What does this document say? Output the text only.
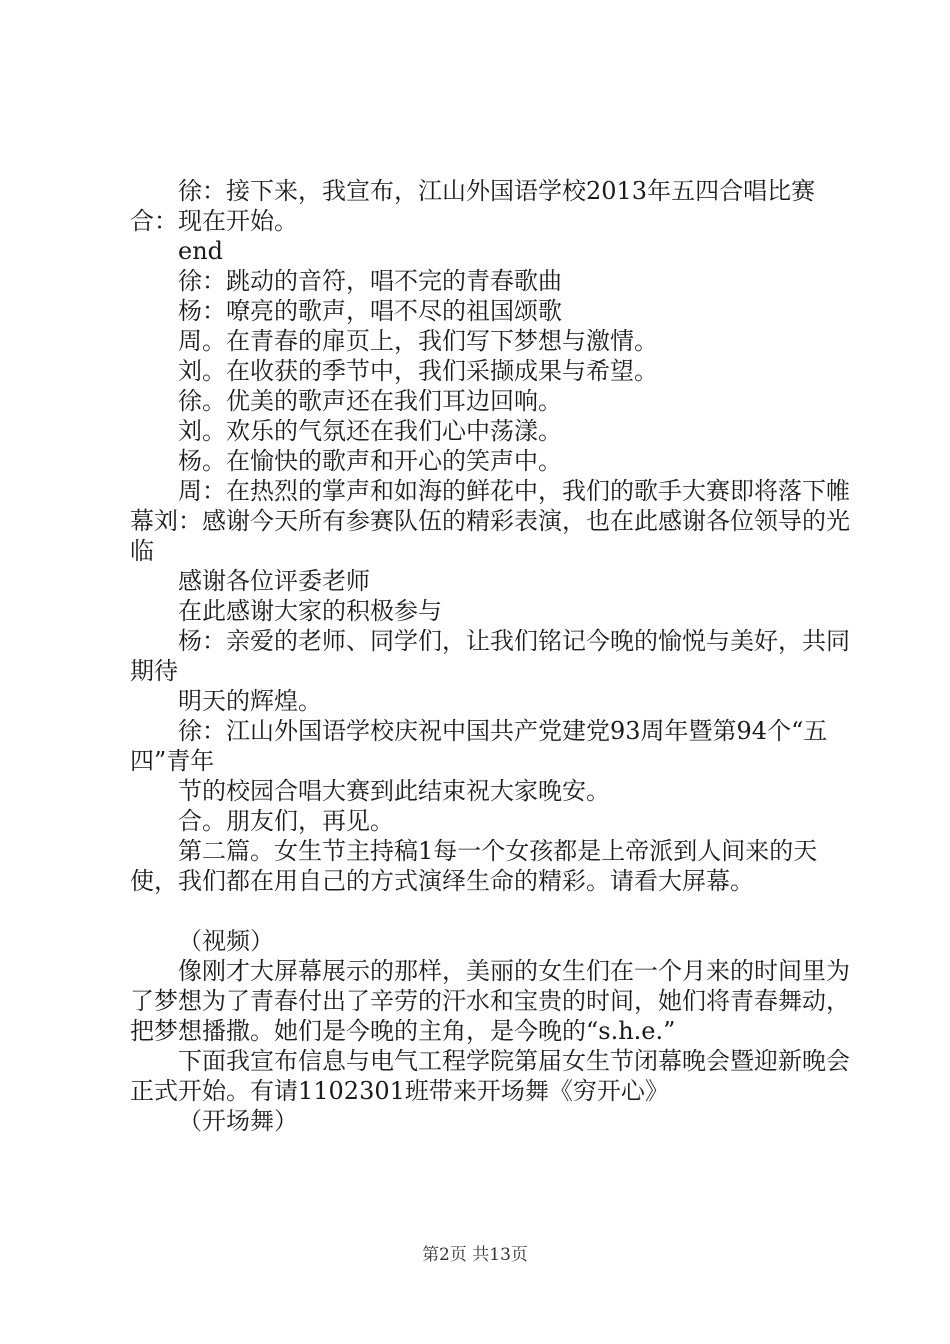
徐：接下来，我宣布，江山外国语学校2013年五四合唱比赛合：现在开始。

end

徐：跳动的音符，唱不完的青春歌曲

杨：嘹亮的歌声，唱不尽的祖国颂歌

周。在青春的扉页上，我们写下梦想与激情。

刘。在收获的季节中，我们采撷成果与希望。

徐。优美的歌声还在我们耳边回响。

刘。欢乐的气氛还在我们心中荡漾。

杨。在愉快的歌声和开心的笑声中。

周：在热烈的掌声和如海的鲜花中，我们的歌手大赛即将落下帷幕刘：感谢今天所有参赛队伍的精彩表演，也在此感谢各位领导的光临

感谢各位评委老师

在此感谢大家的积极参与

杨：亲爱的老师、同学们，让我们铭记今晚的愉悦与美好，共同期待

明天的辉煌。

徐：江山外国语学校庆祝中国共产党建党93周年暨第94个“五四”青年

节的校园合唱大赛到此结束祝大家晚安。

合。朋友们，再见。

第二篇。女生节主持稿1每一个女孩都是上帝派到人间来的天使，我们都在用自己的方式演绎生命的精彩。请看大屏幕。

（视频）

像刚才大屏幕展示的那样，美丽的女生们在一个月来的时间里为了梦想为了青春付出了辛劳的汗水和宝贵的时间，她们将青春舞动，把梦想播撒。她们是今晚的主角，是今晚的“s.h.e.”

下面我宣布信息与电气工程学院第届女生节闭幕晚会暨迎新晚会正式开始。有请1102301班带来开场舞《穷开心》

（开场舞）

第2页 共13页
